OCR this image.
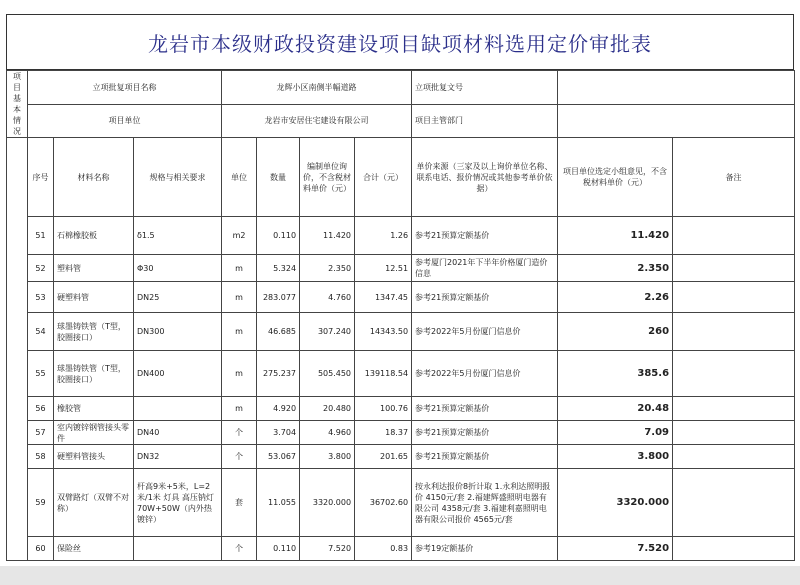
龙岩市本级财政投资建设项目缺项材料选用定价审批表
项目
基本
情况	立项批复项目名称			龙辉小区南侧半幅道路				立项批复文号		
	项目单位			龙岩市安居住宅建设有限公司				项目主管部门		
	序号	材料名称	规格与相关要求	单位	数量	编制单位询价，不含税材料单价（元）	合计（元）	单价来源（三家及以上询价单位名称、联系电话、报价情况或其他参考单价依据）	项目单位选定小组意见，不含税材料单价（元）	备注
	51	石棉橡胶板	δ1.5	m2	0.110	11.420	1.26	参考21预算定额基价	11.420	
	52	塑料管	Φ30	m	5.324	2.350	12.51	参考厦门2021年下半年价格厦门造价信息	2.350	
	53	硬塑料管	DN25	m	283.077	4.760	1347.45	参考21预算定额基价	2.26	
	54	球墨铸铁管（T型，胶圈接口）	DN300	m	46.685	307.240	14343.50	参考2022年5月份厦门信息价	260	
	55	球墨铸铁管（T型，胶圈接口）	DN400	m	275.237	505.450	139118.54	参考2022年5月份厦门信息价	385.6	
	56	橡胶管		m	4.920	20.480	100.76	参考21预算定额基价	20.48	
	57	室内镀锌钢管接头零件	DN40	个	3.704	4.960	18.37	参考21预算定额基价	7.09	
	58	硬塑料管接头	DN32	个	53.067	3.800	201.65	参考21预算定额基价	3.800	
	59	双臂路灯（双臂不对称）	杆高9米+5米，L=2米/1米 灯具 高压钠灯70W+50W（内外热镀锌）	套	11.055	3320.000	36702.60	按永利达报价8折计取 1.永利达照明报价 4150元/套 2.福建辉盛照明电器有限公司 4358元/套 3.福建利嘉照明电器有限公司报价 4565元/套	3320.000	
	60	保险丝		个	0.110	7.520	0.83	参考19定额基价	7.520	
